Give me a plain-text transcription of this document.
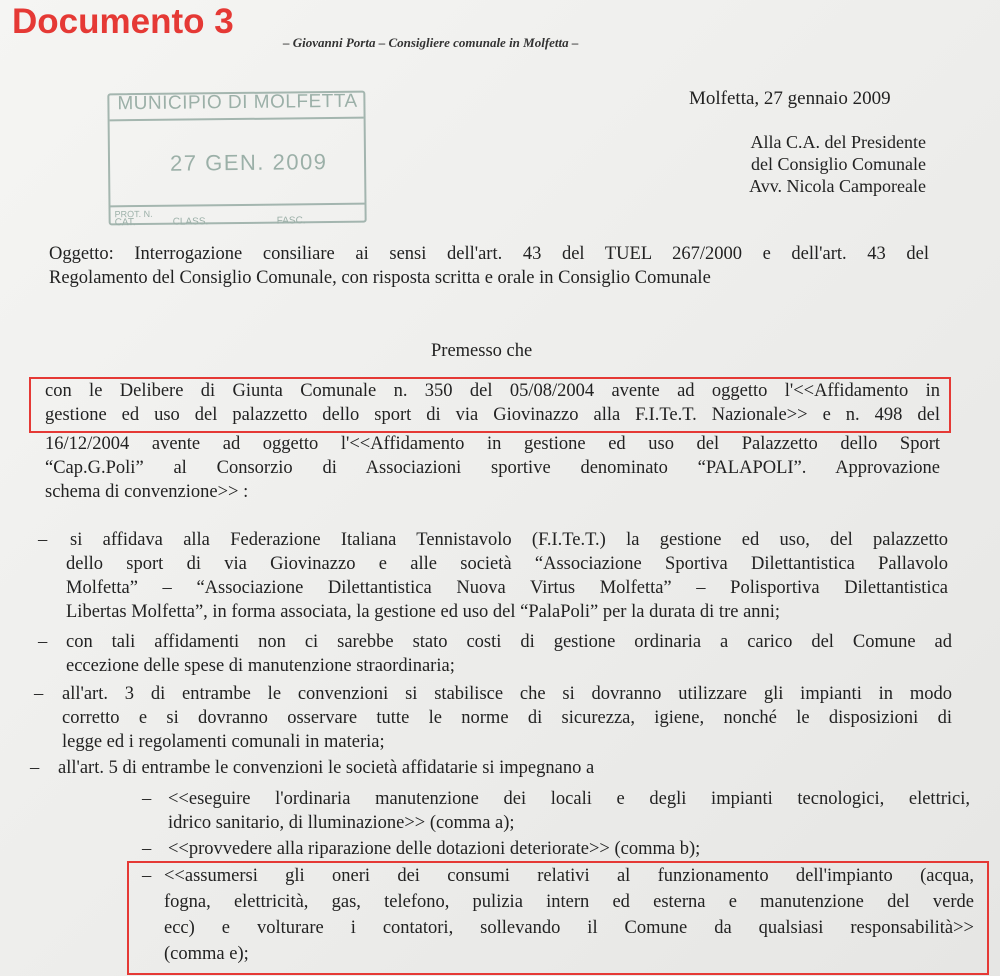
Documento 3
– Giovanni Porta – Consigliere comunale in Molfetta –
MUNICIPIO DI MOLFETTA
27 GEN. 2009
PROT. N.
CAT.	CLASS.	FASC.
Molfetta, 27 gennaio 2009
Alla C.A. del Presidente
del Consiglio Comunale
Avv. Nicola Camporeale
Oggetto: Interrogazione consiliare ai sensi dell'art. 43 del TUEL 267/2000 e dell'art. 43 del
Regolamento del Consiglio Comunale, con risposta scritta e orale in Consiglio Comunale
Premesso che
con le Delibere di Giunta Comunale n. 350 del 05/08/2004 avente ad oggetto l'<<Affidamento in
gestione ed uso del palazzetto dello sport di via Giovinazzo alla F.I.Te.T. Nazionale>> e n. 498 del
16/12/2004 avente ad oggetto l'<<Affidamento in gestione ed uso del Palazzetto dello Sport
“Cap.G.Poli” al Consorzio di Associazioni sportive denominato “PALAPOLI”. Approvazione
schema di convenzione>> :
– si affidava alla Federazione Italiana Tennistavolo (F.I.Te.T.) la gestione ed uso, del palazzetto
dello sport di via Giovinazzo e alle società “Associazione Sportiva Dilettantistica Pallavolo
Molfetta” – “Associazione Dilettantistica Nuova Virtus Molfetta” – Polisportiva Dilettantistica
Libertas Molfetta”, in forma associata, la gestione ed uso del “PalaPoli” per la durata di tre anni;
– con tali affidamenti non ci sarebbe stato costi di gestione ordinaria a carico del Comune ad
eccezione delle spese di manutenzione straordinaria;
– all'art. 3 di entrambe le convenzioni si stabilisce che si dovranno utilizzare gli impianti in modo
corretto e si dovranno osservare tutte le norme di sicurezza, igiene, nonché le disposizioni di
legge ed i regolamenti comunali in materia;
– all'art. 5 di entrambe le convenzioni le società affidatarie si impegnano a
– <<eseguire l'ordinaria manutenzione dei locali e degli impianti tecnologici, elettrici,
idrico sanitario, di lluminazione>> (comma a);
– <<provvedere alla riparazione delle dotazioni deteriorate>> (comma b);
– <<assumersi gli oneri dei consumi relativi al funzionamento dell'impianto (acqua,
fogna, elettricità, gas, telefono, pulizia intern ed esterna e manutenzione del verde
ecc) e volturare i contatori, sollevando il Comune da qualsiasi responsabilità>>
(comma e);
